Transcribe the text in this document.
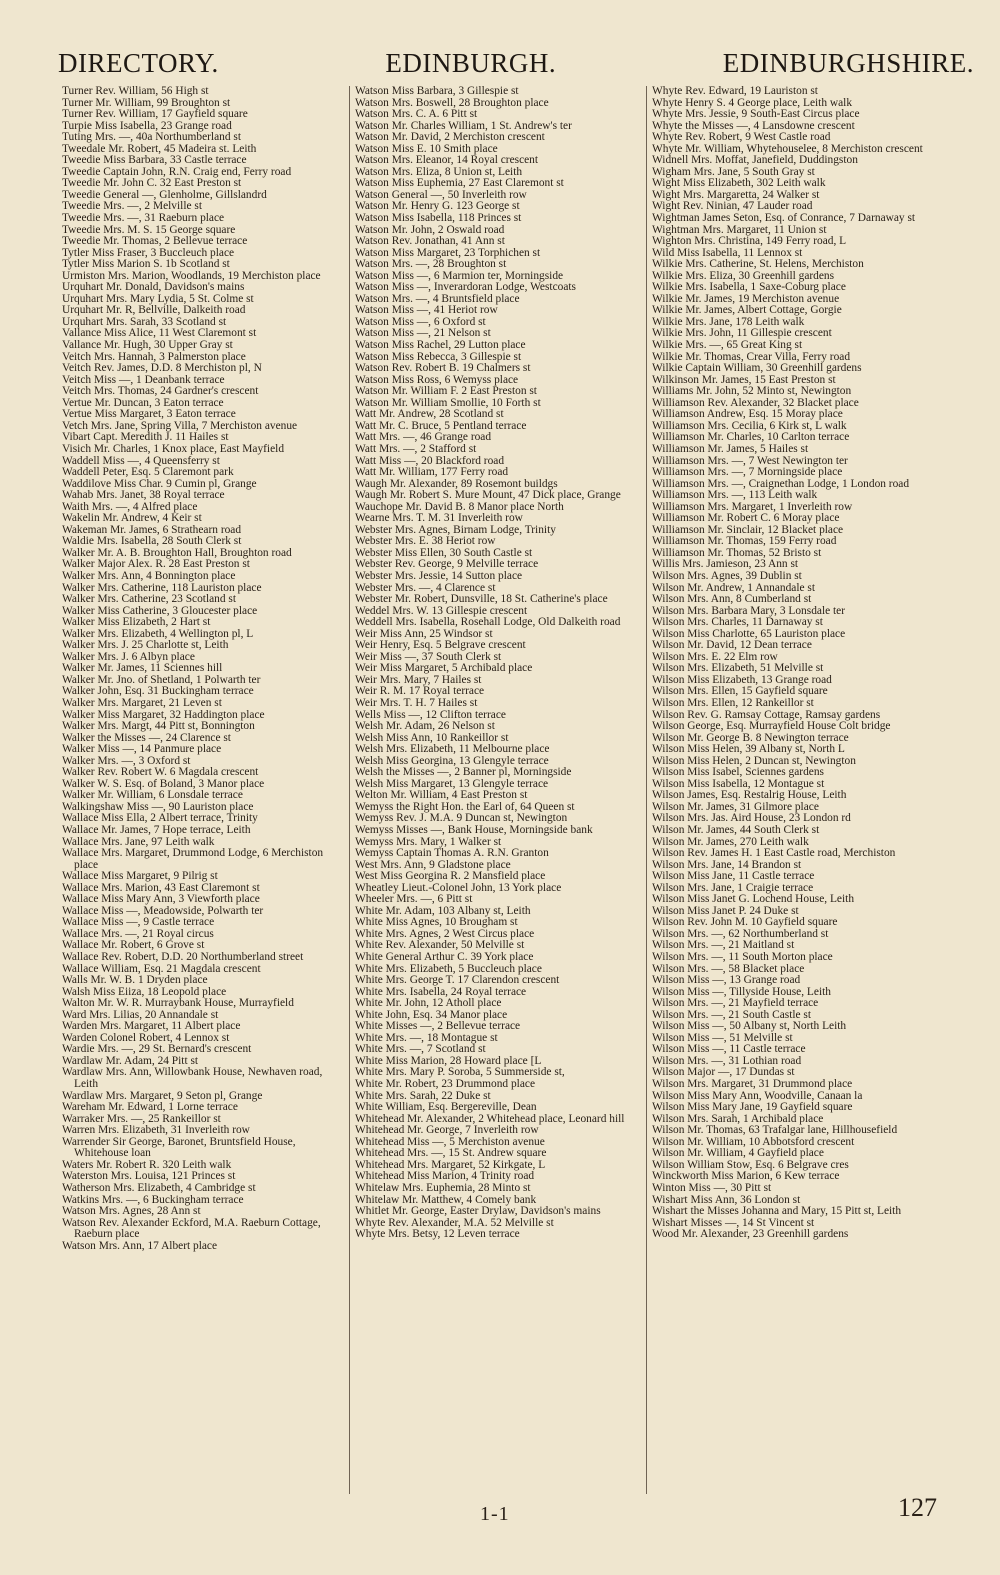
DIRECTORY.	EDINBURGH.	EDINBURGHSHIRE.
Turner Rev. William, 56 High st
Turner Mr. William, 99 Broughton st
Turner Rev. William, 17 Gayfield square
Turpie Miss Isabella, 23 Grange road
Tuting Mrs. —, 40a Northumberland st
Tweedale Mr. Robert, 45 Madeira st. Leith
Tweedie Miss Barbara, 33 Castle terrace
Tweedie Captain John, R.N. Craig end, Ferry road
Tweedie Mr. John C. 32 East Preston st
Tweedie General —, Glenholme, Gillslandrd
Tweedie Mrs. —, 2 Melville st
Tweedie Mrs. —, 31 Raeburn place
Tweedie Mrs. M. S. 15 George square
Tweedie Mr. Thomas, 2 Bellevue terrace
Tytler Miss Fraser, 3 Buccleuch place
Tytler Miss Marion S. 1b Scotland st
Urmiston Mrs. Marion, Woodlands, 19 Merchiston place
Urquhart Mr. Donald, Davidson's mains
Urquhart Mrs. Mary Lydia, 5 St. Colme st
Urquhart Mr. R, Bellville, Dalkeith road
Urquhart Mrs. Sarah, 33 Scotland st
Vallance Miss Alice, 11 West Claremont st
Vallance Mr. Hugh, 30 Upper Gray st
Veitch Mrs. Hannah, 3 Palmerston place
Veitch Rev. James, D.D. 8 Merchiston pl, N
Veitch Miss —, 1 Deanbank terrace
Veitch Mrs. Thomas, 24 Gardner's crescent
Vertue Mr. Duncan, 3 Eaton terrace
Vertue Miss Margaret, 3 Eaton terrace
Vetch Mrs. Jane, Spring Villa, 7 Merchiston avenue
Vibart Capt. Meredith J. 11 Hailes st
Visich Mr. Charles, 1 Knox place, East Mayfield
Waddell Miss —, 4 Queensferry st
Waddell Peter, Esq. 5 Claremont park
Waddilove Miss Char. 9 Cumin pl, Grange
Wahab Mrs. Janet, 38 Royal terrace
Waith Mrs. —, 4 Alfred place
Wakelin Mr. Andrew, 4 Keir st
Wakeman Mr. James, 6 Strathearn road
Waldie Mrs. Isabella, 28 South Clerk st
Walker Mr. A. B. Broughton Hall, Broughton road
Walker Major Alex. R. 28 East Preston st
Walker Mrs. Ann, 4 Bonnington place
Walker Mrs. Catherine, 118 Lauriston place
Walker Mrs. Catherine, 23 Scotland st
Walker Miss Catherine, 3 Gloucester place
Walker Miss Elizabeth, 2 Hart st
Walker Mrs. Elizabeth, 4 Wellington pl, L
Walker Mrs. J. 25 Charlotte st, Leith
Walker Mrs. J. 6 Albyn place
Walker Mr. James, 11 Sciennes hill
Walker Mr. Jno. of Shetland, 1 Polwarth ter
Walker John, Esq. 31 Buckingham terrace
Walker Mrs. Margaret, 21 Leven st
Walker Miss Margaret, 32 Haddington place
Walker Mrs. Margt, 44 Pitt st, Bonnington
Walker the Misses —, 24 Clarence st
Walker Miss —, 14 Panmure place
Walker Mrs. —, 3 Oxford st
Walker Rev. Robert W. 6 Magdala crescent
Walker W. S. Esq. of Boland, 3 Manor place
Walker Mr. William, 6 Lonsdale terrace
Walkingshaw Miss —, 90 Lauriston place
Wallace Miss Ella, 2 Albert terrace, Trinity
Wallace Mr. James, 7 Hope terrace, Leith
Wallace Mrs. Jane, 97 Leith walk
Wallace Mrs. Margaret, Drummond Lodge, 6 Merchiston place
Wallace Miss Margaret, 9 Pilrig st
Wallace Mrs. Marion, 43 East Claremont st
Wallace Miss Mary Ann, 3 Viewforth place
Wallace Miss —, Meadowside, Polwarth ter
Wallace Miss —, 9 Castle terrace
Wallace Mrs. —, 21 Royal circus
Wallace Mr. Robert, 6 Grove st
Wallace Rev. Robert, D.D. 20 Northumberland street
Wallace William, Esq. 21 Magdala crescent
Walls Mr. W. B. 1 Dryden place
Walsh Miss Eiiza, 18 Leopold place
Walton Mr. W. R. Murraybank House, Murrayfield
Ward Mrs. Lilias, 20 Annandale st
Warden Mrs. Margaret, 11 Albert place
Warden Colonel Robert, 4 Lennox st
Wardie Mrs. —, 29 St. Bernard's crescent
Wardlaw Mr. Adam, 24 Pitt st
Wardlaw Mrs. Ann, Willowbank House, Newhaven road, Leith
Wardlaw Mrs. Margaret, 9 Seton pl, Grange
Wareham Mr. Edward, 1 Lorne terrace
Warraker Mrs. —, 25 Rankeillor st
Warren Mrs. Elizabeth, 31 Inverleith row
Warrender Sir George, Baronet, Bruntsfield House, Whitehouse loan
Waters Mr. Robert R. 320 Leith walk
Waterston Mrs. Louisa, 121 Princes st
Watherson Mrs. Elizabeth, 4 Cambridge st
Watkins Mrs. —, 6 Buckingham terrace
Watson Mrs. Agnes, 28 Ann st
Watson Rev. Alexander Eckford, M.A. Raeburn Cottage, Raeburn place
Watson Mrs. Ann, 17 Albert place
Watson Miss Barbara, 3 Gillespie st
Watson Mrs. Boswell, 28 Broughton place
Watson Mrs. C. A. 6 Pitt st
Watson Mr. Charles William, 1 St. Andrew's ter
Watson Mr. David, 2 Merchiston crescent
Watson Miss E. 10 Smith place
Watson Mrs. Eleanor, 14 Royal crescent
Watson Mrs. Eliza, 8 Union st, Leith
Watson Miss Euphemia, 27 East Claremont st
Watson General —, 50 Inverleith row
Watson Mr. Henry G. 123 George st
Watson Miss Isabella, 118 Princes st
Watson Mr. John, 2 Oswald road
Watson Rev. Jonathan, 41 Ann st
Watson Miss Margaret, 23 Torphichen st
Watson Mrs. —, 28 Broughton st
Watson Miss —, 6 Marmion ter, Morningside
Watson Miss —, Inverardoran Lodge, Westcoats
Watson Mrs. —, 4 Bruntsfield place
Watson Miss —, 41 Heriot row
Watson Miss —, 6 Oxford st
Watson Miss —, 21 Nelson st
Watson Miss Rachel, 29 Lutton place
Watson Miss Rebecca, 3 Gillespie st
Watson Rev. Robert B. 19 Chalmers st
Watson Miss Ross, 6 Wemyss place
Watson Mr. William F. 2 East Preston st
Watson Mr. William Smollie, 10 Forth st
Watt Mr. Andrew, 28 Scotland st
Watt Mr. C. Bruce, 5 Pentland terrace
Watt Mrs. —, 46 Grange road
Watt Mrs. —, 2 Stafford st
Watt Miss —, 20 Blackford road
Watt Mr. William, 177 Ferry road
Waugh Mr. Alexander, 89 Rosemont buildgs
Waugh Mr. Robert S. Mure Mount, 47 Dick place, Grange
Wauchope Mr. David B. 8 Manor place North
Wearne Mrs. T. M. 31 Inverleith row
Webster Mrs. Agnes, Birnam Lodge, Trinity
Webster Mrs. E. 38 Heriot row
Webster Miss Ellen, 30 South Castle st
Webster Rev. George, 9 Melville terrace
Webster Mrs. Jessie, 14 Sutton place
Webster Mrs. —, 4 Clarence st
Webster Mr. Robert, Dunsville, 18 St. Catherine's place
Weddel Mrs. W. 13 Gillespie crescent
Weddell Mrs. Isabella, Rosehall Lodge, Old Dalkeith road
Weir Miss Ann, 25 Windsor st
Weir Henry, Esq. 5 Belgrave crescent
Weir Miss —, 37 South Clerk st
Weir Miss Margaret, 5 Archibald place
Weir Mrs. Mary, 7 Hailes st
Weir R. M. 17 Royal terrace
Weir Mrs. T. H. 7 Hailes st
Wells Miss —, 12 Clifton terrace
Welsh Mr. Adam, 26 Nelson st
Welsh Miss Ann, 10 Rankeillor st
Welsh Mrs. Elizabeth, 11 Melbourne place
Welsh Miss Georgina, 13 Glengyle terrace
Welsh the Misses —, 2 Banner pl, Morningside
Welsh Miss Margaret, 13 Glengyle terrace
Welton Mr. William, 4 East Preston st
Wemyss the Right Hon. the Earl of, 64 Queen st
Wemyss Rev. J. M.A. 9 Duncan st, Newington
Wemyss Misses —, Bank House, Morningside bank
Wemyss Mrs. Mary, 1 Walker st
Wemyss Captain Thomas A. R.N. Granton
West Mrs. Ann, 9 Gladstone place
West Miss Georgina R. 2 Mansfield place
Wheatley Lieut.-Colonel John, 13 York place
Wheeler Mrs. —, 6 Pitt st
White Mr. Adam, 103 Albany st, Leith
White Miss Agnes, 10 Brougham st
White Mrs. Agnes, 2 West Circus place
White Rev. Alexander, 50 Melville st
White General Arthur C. 39 York place
White Mrs. Elizabeth, 5 Buccleuch place
White Mrs. George T. 17 Clarendon crescent
White Mrs. Isabella, 24 Royal terrace
White Mr. John, 12 Atholl place
White John, Esq. 34 Manor place
White Misses —, 2 Bellevue terrace
White Mrs. —, 18 Montague st
White Mrs. —, 7 Scotland st
White Miss Marion, 28 Howard place [L
White Mrs. Mary P. Soroba, 5 Summerside st,
White Mr. Robert, 23 Drummond place
White Mrs. Sarah, 22 Duke st
White William, Esq. Bergereville, Dean
Whitehead Mr. Alexander, 2 Whitehead place, Leonard hill
Whitehead Mr. George, 7 Inverleith row
Whitehead Miss —, 5 Merchiston avenue
Whitehead Mrs. —, 15 St. Andrew square
Whitehead Mrs. Margaret, 52 Kirkgate, L
Whitehead Miss Marion, 4 Trinity road
Whitelaw Mrs. Euphemia, 28 Minto st
Whitelaw Mr. Matthew, 4 Comely bank
Whitlet Mr. George, Easter Drylaw, Davidson's mains
Whyte Rev. Alexander, M.A. 52 Melville st
Whyte Mrs. Betsy, 12 Leven terrace
Whyte Rev. Edward, 19 Lauriston st
Whyte Henry S. 4 George place, Leith walk
Whyte Mrs. Jessie, 9 South-East Circus place
Whyte the Misses —, 4 Lansdowne crescent
Whyte Rev. Robert, 9 West Castle road
Whyte Mr. William, Whytehouselee, 8 Merchiston crescent
Widnell Mrs. Moffat, Janefield, Duddingston
Wigham Mrs. Jane, 5 South Gray st
Wight Miss Elizabeth, 302 Leith walk
Wight Mrs. Margaretta, 24 Walker st
Wight Rev. Ninian, 47 Lauder road
Wightman James Seton, Esq. of Conrance, 7 Darnaway st
Wightman Mrs. Margaret, 11 Union st
Wighton Mrs. Christina, 149 Ferry road, L
Wild Miss Isabella, 11 Lennox st
Wilkie Mrs. Catherine, St. Helens, Merchiston
Wilkie Mrs. Eliza, 30 Greenhill gardens
Wilkie Mrs. Isabella, 1 Saxe-Coburg place
Wilkie Mr. James, 19 Merchiston avenue
Wilkie Mr. James, Albert Cottage, Gorgie
Wilkie Mrs. Jane, 178 Leith walk
Wilkie Mrs. John, 11 Gillespie crescent
Wilkie Mrs. —, 65 Great King st
Wilkie Mr. Thomas, Crear Villa, Ferry road
Wilkie Captain William, 30 Greenhill gardens
Wilkinson Mr. James, 15 East Preston st
Williams Mr. John, 52 Minto st, Newington
Williamson Rev. Alexander, 32 Blacket place
Williamson Andrew, Esq. 15 Moray place
Williamson Mrs. Cecilia, 6 Kirk st, L walk
Williamson Mr. Charles, 10 Carlton terrace
Williamson Mr. James, 5 Hailes st
Williamson Mrs. —, 7 West Newington ter
Williamson Mrs. —, 7 Morningside place
Williamson Mrs. —, Craignethan Lodge, 1 London road
Williamson Mrs. —, 113 Leith walk
Williamson Mrs. Margaret, 1 Inverleith row
Williamson Mr. Robert C. 6 Moray place
Williamson Mr. Sinclair, 12 Blacket place
Williamson Mr. Thomas, 159 Ferry road
Williamson Mr. Thomas, 52 Bristo st
Willis Mrs. Jamieson, 23 Ann st
Wilson Mrs. Agnes, 39 Dublin st
Wilson Mr. Andrew, 1 Annandale st
Wilson Mrs. Ann, 8 Cumberland st
Wilson Mrs. Barbara Mary, 3 Lonsdale ter
Wilson Mrs. Charles, 11 Darnaway st
Wilson Miss Charlotte, 65 Lauriston place
Wilson Mr. David, 12 Dean terrace
Wilson Mrs. E. 22 Elm row
Wilson Mrs. Elizabeth, 51 Melville st
Wilson Miss Elizabeth, 13 Grange road
Wilson Mrs. Ellen, 15 Gayfield square
Wilson Mrs. Ellen, 12 Rankeillor st
Wilson Rev. G. Ramsay Cottage, Ramsay gardens
Wilson George, Esq. Murrayfield House Colt bridge
Wilson Mr. George B. 8 Newington terrace
Wilson Miss Helen, 39 Albany st, North L
Wilson Miss Helen, 2 Duncan st, Newington
Wilson Miss Isabel, Sciennes gardens
Wilson Miss Isabella, 12 Montague st
Wilson James, Esq. Restalrig House, Leith
Wilson Mr. James, 31 Gilmore place
Wilson Mrs. Jas. Aird House, 23 London rd
Wilson Mr. James, 44 South Clerk st
Wilson Mr. James, 270 Leith walk
Wilson Rev. James H. 1 East Castle road, Merchiston
Wilson Mrs. Jane, 14 Brandon st
Wilson Miss Jane, 11 Castle terrace
Wilson Mrs. Jane, 1 Craigie terrace
Wilson Miss Janet G. Lochend House, Leith
Wilson Miss Janet P. 24 Duke st
Wilson Rev. John M. 10 Gayfield square
Wilson Mrs. —, 62 Northumberland st
Wilson Mrs. —, 21 Maitland st
Wilson Mrs. —, 11 South Morton place
Wilson Mrs. —, 58 Blacket place
Wilson Miss —, 13 Grange road
Wilson Miss —, Tillyside House, Leith
Wilson Mrs. —, 21 Mayfield terrace
Wilson Mrs. —, 21 South Castle st
Wilson Miss —, 50 Albany st, North Leith
Wilson Miss —, 51 Melville st
Wilson Miss —, 11 Castle terrace
Wilson Mrs. —, 31 Lothian road
Wilson Major —, 17 Dundas st
Wilson Mrs. Margaret, 31 Drummond place
Wilson Miss Mary Ann, Woodville, Canaan la
Wilson Miss Mary Jane, 19 Gayfield square
Wilson Mrs. Sarah, 1 Archibald place
Wilson Mr. Thomas, 63 Trafalgar lane, Hillhousefield
Wilson Mr. William, 10 Abbotsford crescent
Wilson Mr. William, 4 Gayfield place
Wilson William Stow, Esq. 6 Belgrave cres
Winckworth Miss Marion, 6 Kew terrace
Winton Miss —, 30 Pitt st
Wishart Miss Ann, 36 London st
Wishart the Misses Johanna and Mary, 15 Pitt st, Leith
Wishart Misses —, 14 St Vincent st
Wood Mr. Alexander, 23 Greenhill gardens
1-1	127
